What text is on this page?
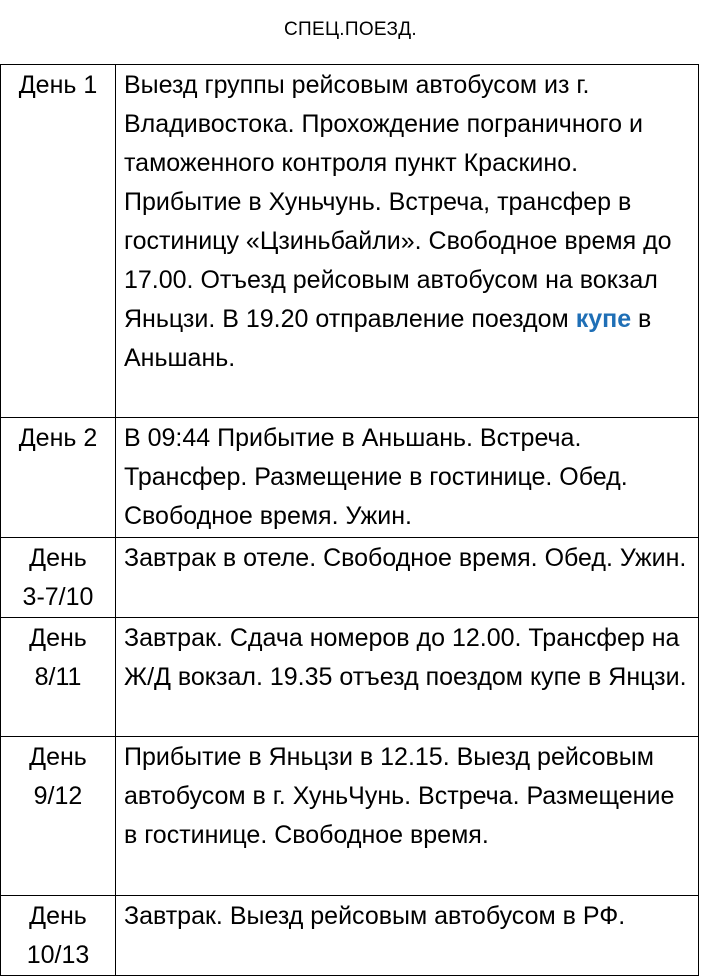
СПЕЦ.ПОЕЗД.
День 1	Выезд группы рейсовым автобусом из г. Владивостока. Прохождение пограничного и таможенного контроля пункт Краскино. Прибытие в Хуньчунь. Встреча, трансфер в гостиницу «Цзиньбайли». Свободное время до 17.00. Отъезд рейсовым автобусом на вокзал Яньцзи. В 19.20 отправление поездом купе в Аньшань.

День 2	В 09:44 Прибытие в Аньшань. Встреча. Трансфер. Размещение в гостинице. Обед. Свободное время. Ужин.

День
3-7/10	Завтрак в отеле. Свободное время. Обед. Ужин.

День
8/11	Завтрак. Сдача номеров до 12.00. Трансфер на Ж/Д вокзал. 19.35 отъезд поездом купе в Янцзи.

День
9/12	Прибытие в Яньцзи в 12.15. Выезд рейсовым автобусом в г. ХуньЧунь. Встреча. Размещение в гостинице. Свободное время.

День
10/13	Завтрак. Выезд рейсовым автобусом в РФ.
